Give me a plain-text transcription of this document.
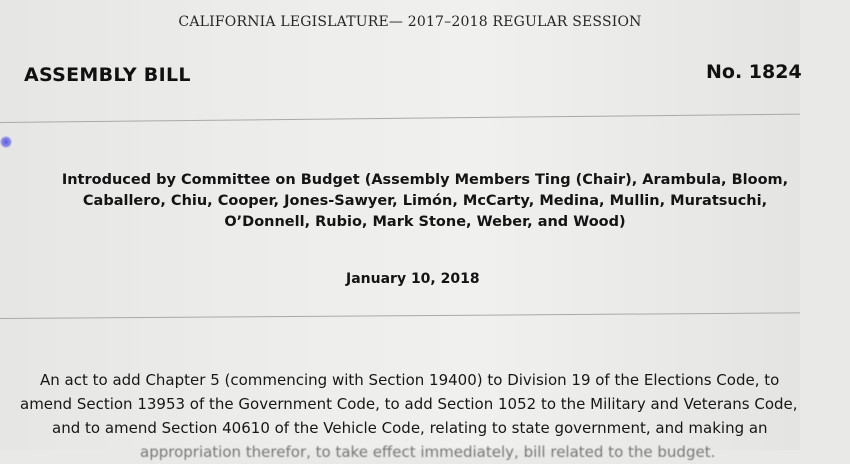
CALIFORNIA LEGISLATURE— 2017–2018 REGULAR SESSION
ASSEMBLY BILL	No. 1824
Introduced by Committee on Budget (Assembly Members Ting (Chair), Arambula, Bloom,
Caballero, Chiu, Cooper, Jones-Sawyer, Limón, McCarty, Medina, Mullin, Muratsuchi,
O’Donnell, Rubio, Mark Stone, Weber, and Wood)
January 10, 2018
An act to add Chapter 5 (commencing with Section 19400) to Division 19 of the Elections Code, to
amend Section 13953 of the Government Code, to add Section 1052 to the Military and Veterans Code,
and to amend Section 40610 of the Vehicle Code, relating to state government, and making an
appropriation therefor, to take effect immediately, bill related to the budget.
